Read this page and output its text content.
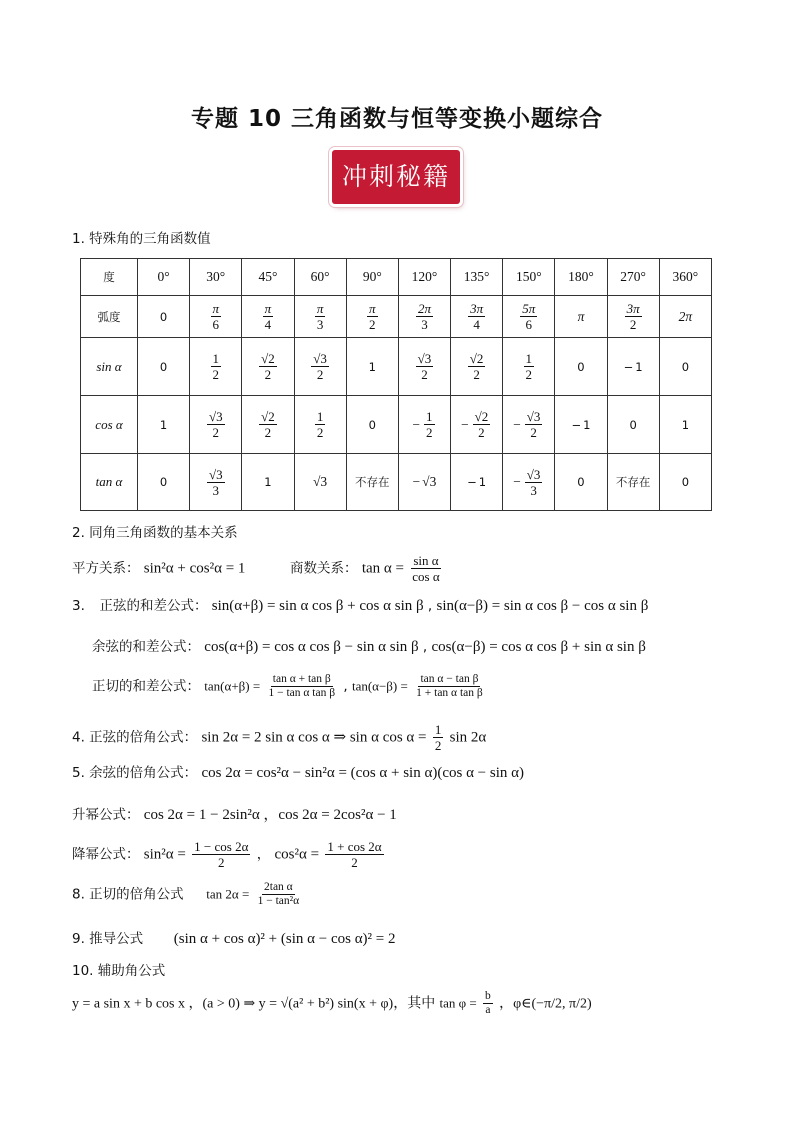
专题 10 三角函数与恒等变换小题综合
冲刺秘籍
1. 特殊角的三角函数值
度	0°	30°	45°	60°	90°	120°	135°	150°	180°	270°	360°

弧度	0	$\frac{\pi}{6}$	$\frac{\pi}{4}$	$\frac{\pi}{3}$	$\frac{\pi}{2}$	$\frac{2\pi}{3}$	$\frac{3\pi}{4}$	$\frac{5\pi}{6}$	π	$\frac{3\pi}{2}$	2π

sin α	0	$\frac{1}{2}$	$\frac{√2}{2}$	$\frac{√3}{2}$	1	$\frac{√3}{2}$	$\frac{√2}{2}$	$\frac{1}{2}$	0	− 1	0

cos α	1	$\frac{√3}{2}$	$\frac{√2}{2}$	$\frac{1}{2}$	0	− $\frac{1}{2}$	− $\frac{√2}{2}$	− $\frac{√3}{2}$	− 1	0	1

tan α	0	$\frac{√3}{3}$	1	√3	不存在	− √3	− 1	− $\frac{√3}{3}$	0	不存在	0
2. 同角三角函数的基本关系
平方关系： sin²α + cos²α = 1	商数关系： $\tan \alpha = \frac{\text{sin α}}{\text{cos α}}$
3. 正弦的和差公式： sin(α+β) = sin α cos β + cos α sin β , sin(α−β) = sin α cos β − cos α sin β
余弦的和差公式： cos(α+β) = cos α cos β − sin α sin β , cos(α−β) = cos α cos β + sin α sin β
正切的和差公式： $\tan(\alpha+\beta) = \frac{\text{tan α + tan β}}{\text{1 − tan α tan β}}$ , $\tan(\alpha-\beta) = \frac{\text{tan α − tan β}}{\text{1 + tan α tan β}}$
4. 正弦的倍角公式： sin 2α = 2 sin α cos α ⇒ sin α $\cos \alpha = \frac{1}{2}$ sin 2α
5. 余弦的倍角公式： cos 2α = cos²α − sin²α = (cos α + sin α)(cos α − sin α)
升幂公式： cos 2α = 1 − 2sin²α ，cos 2α = 2cos²α − 1
降幂公式： $\sin^2\alpha = \frac{1 - \cos 2\alpha}{2}$ ， $\cos^2\alpha = \frac{1 + \cos 2\alpha}{2}$
8. 正切的倍角公式 $\tan 2\alpha = \frac{\text{2tan α}}{\text{1 − tan²α}}$
9. 推导公式 (sin α + cos α)² + (sin α − cos α)² = 2
10. 辅助角公式
y = a sin x + b cos x ，(a > 0) ⇒ y = √(a² + b²) sin(x + φ)，其中 $\tan \varphi = \frac{b}{a}$ ，φ∈(−π/2, π/2)
